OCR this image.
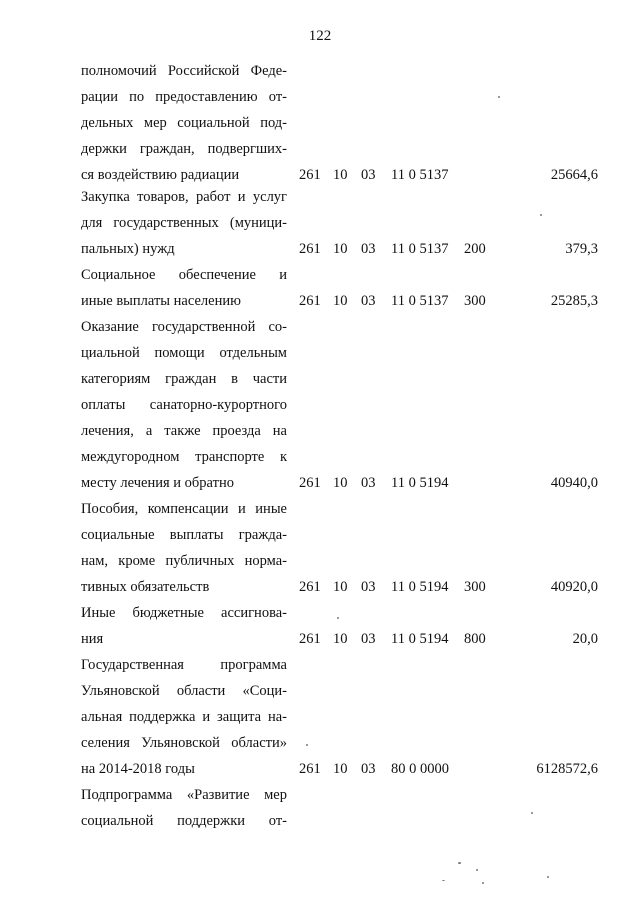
122
полномочий Российской Феде-
рации по предоставлению от-
дельных мер социальной под-
держки граждан, подвергших-
ся воздействию радиации	261 10 03 11 0 5137	25664,6
Закупка товаров, работ и услуг
для государственных (муници-
пальных) нужд	261 10 03 11 0 5137 200	379,3
Социальное обеспечение и
иные выплаты населению	261 10 03 11 0 5137 300	25285,3
Оказание государственной со-
циальной помощи отдельным
категориям граждан в части
оплаты санаторно-курортного
лечения, а также проезда на
междугородном транспорте к
месту лечения и обратно	261 10 03 11 0 5194	40940,0
Пособия, компенсации и иные
социальные выплаты гражда-
нам, кроме публичных норма-
тивных обязательств	261 10 03 11 0 5194 300	40920,0
Иные бюджетные ассигнова-
ния	261 10 03 11 0 5194 800	20,0
Государственная программа
Ульяновской области «Соци-
альная поддержка и защита на-
селения Ульяновской области»
на 2014-2018 годы	261 10 03 80 0 0000	6128572,6
Подпрограмма «Развитие мер
социальной поддержки от-
